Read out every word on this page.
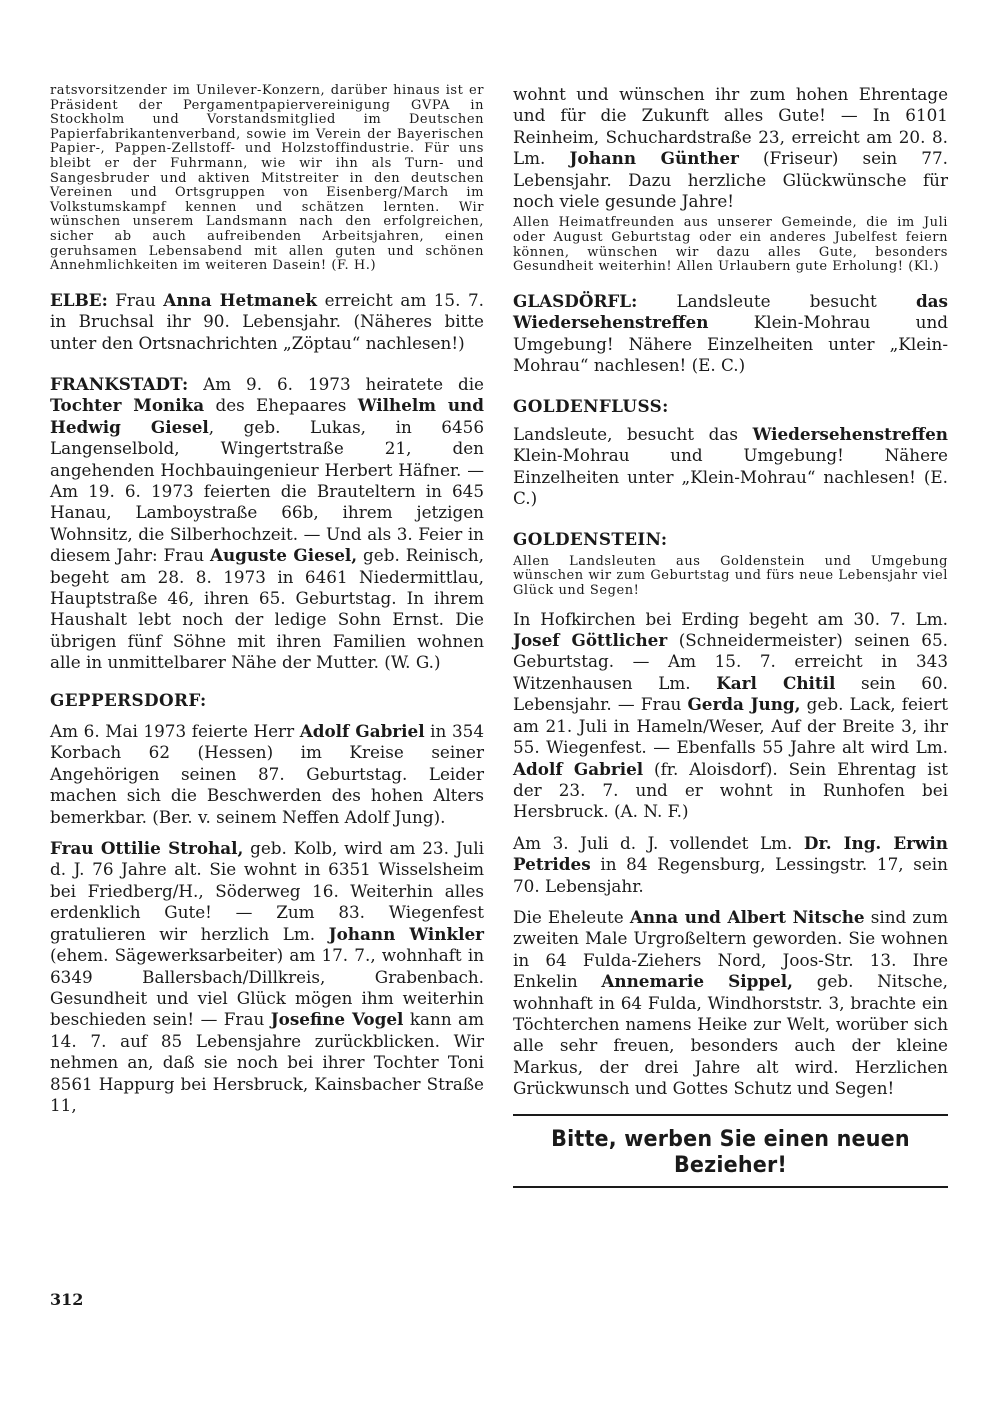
ratsvorsitzender im Unilever-Konzern, darüber hinaus ist er Präsident der Pergamentpapiervereinigung GVPA in Stockholm und Vorstandsmitglied im Deutschen Papierfabrikantenverband, sowie im Verein der Bayerischen Papier-, Pappen-Zellstoff- und Holzstoffindustrie. Für uns bleibt er der Fuhrmann, wie wir ihn als Turn- und Sangesbruder und aktiven Mitstreiter in den deutschen Vereinen und Ortsgruppen von Eisenberg/March im Volkstumskampf kennen und schätzen lernten. Wir wünschen unserem Landsmann nach den erfolgreichen, sicher ab auch aufreibenden Arbeitsjahren, einen geruhsamen Lebensabend mit allen guten und schönen Annehmlichkeiten im weiteren Dasein! (F. H.)

ELBE: Frau Anna Hetmanek erreicht am 15. 7. in Bruchsal ihr 90. Lebensjahr. (Näheres bitte unter den Ortsnachrichten „Zöptau“ nachlesen!)

FRANKSTADT: Am 9. 6. 1973 heiratete die Tochter Monika des Ehepaares Wilhelm und Hedwig Giesel, geb. Lukas, in 6456 Langenselbold, Wingertstraße 21, den angehenden Hochbauingenieur Herbert Häfner. — Am 19. 6. 1973 feierten die Brauteltern in 645 Hanau, Lamboystraße 66b, ihrem jetzigen Wohnsitz, die Silberhochzeit. — Und als 3. Feier in diesem Jahr: Frau Auguste Giesel, geb. Reinisch, begeht am 28. 8. 1973 in 6461 Niedermittlau, Hauptstraße 46, ihren 65. Geburtstag. In ihrem Haushalt lebt noch der ledige Sohn Ernst. Die übrigen fünf Söhne mit ihren Familien wohnen alle in unmittelbarer Nähe der Mutter. (W. G.)

GEPPERSDORF:

Am 6. Mai 1973 feierte Herr Adolf Gabriel in 354 Korbach 62 (Hessen) im Kreise seiner Angehörigen seinen 87. Geburtstag. Leider machen sich die Beschwerden des hohen Alters bemerkbar. (Ber. v. seinem Neffen Adolf Jung).

Frau Ottilie Strohal, geb. Kolb, wird am 23. Juli d. J. 76 Jahre alt. Sie wohnt in 6351 Wisselsheim bei Friedberg/H., Söderweg 16. Weiterhin alles erdenklich Gute! — Zum 83. Wiegenfest gratulieren wir herzlich Lm. Johann Winkler (ehem. Sägewerksarbeiter) am 17. 7., wohnhaft in 6349 Ballersbach/Dillkreis, Grabenbach. Gesundheit und viel Glück mögen ihm weiterhin beschieden sein! — Frau Josefine Vogel kann am 14. 7. auf 85 Lebensjahre zurückblicken. Wir nehmen an, daß sie noch bei ihrer Tochter Toni 8561 Happurg bei Hersbruck, Kainsbacher Straße 11,

wohnt und wünschen ihr zum hohen Ehrentage und für die Zukunft alles Gute! — In 6101 Reinheim, Schuchardstraße 23, erreicht am 20. 8. Lm. Johann Günther (Friseur) sein 77. Lebensjahr. Dazu herzliche Glückwünsche für noch viele gesunde Jahre!

Allen Heimatfreunden aus unserer Gemeinde, die im Juli oder August Geburtstag oder ein anderes Jubelfest feiern können, wünschen wir dazu alles Gute, besonders Gesundheit weiterhin! Allen Urlaubern gute Erholung! (Kl.)

GLASDÖRFL: Landsleute besucht das Wiedersehenstreffen Klein-Mohrau und Umgebung! Nähere Einzelheiten unter „Klein-Mohrau“ nachlesen! (E. C.)

GOLDENFLUSS:

Landsleute, besucht das Wiedersehenstreffen Klein-Mohrau und Umgebung! Nähere Einzelheiten unter „Klein-Mohrau“ nachlesen! (E. C.)

GOLDENSTEIN:

Allen Landsleuten aus Goldenstein und Umgebung wünschen wir zum Geburtstag und fürs neue Lebensjahr viel Glück und Segen!

In Hofkirchen bei Erding begeht am 30. 7. Lm. Josef Göttlicher (Schneidermeister) seinen 65. Geburtstag. — Am 15. 7. erreicht in 343 Witzenhausen Lm. Karl Chitil sein 60. Lebensjahr. — Frau Gerda Jung, geb. Lack, feiert am 21. Juli in Hameln/Weser, Auf der Breite 3, ihr 55. Wiegenfest. — Ebenfalls 55 Jahre alt wird Lm. Adolf Gabriel (fr. Aloisdorf). Sein Ehrentag ist der 23. 7. und er wohnt in Runhofen bei Hersbruck. (A. N. F.)

Am 3. Juli d. J. vollendet Lm. Dr. Ing. Erwin Petrides in 84 Regensburg, Lessingstr. 17, sein 70. Lebensjahr.

Die Eheleute Anna und Albert Nitsche sind zum zweiten Male Urgroßeltern geworden. Sie wohnen in 64 Fulda-Ziehers Nord, Joos-Str. 13. Ihre Enkelin Annemarie Sippel, geb. Nitsche, wohnhaft in 64 Fulda, Windhorststr. 3, brachte ein Töchterchen namens Heike zur Welt, worüber sich alle sehr freuen, besonders auch der kleine Markus, der drei Jahre alt wird. Herzlichen Grückwunsch und Gottes Schutz und Segen!

Bitte, werben Sie einen neuen Bezieher!
312
